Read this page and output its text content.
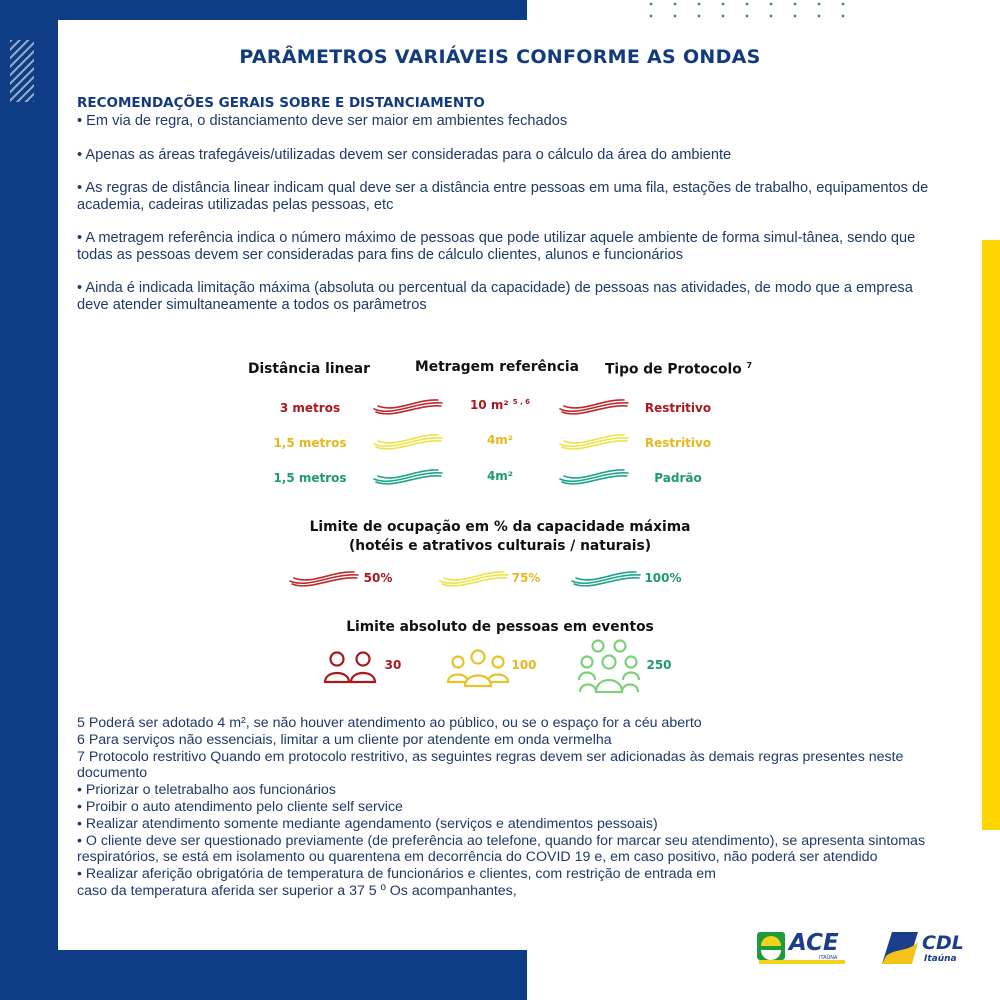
PARÂMETROS VARIÁVEIS CONFORME AS ONDAS
RECOMENDAÇÕES GERAIS SOBRE E DISTANCIAMENTO
• Em via de regra, o distanciamento deve ser maior em ambientes fechados
• Apenas as áreas trafegáveis/utilizadas devem ser consideradas para o cálculo da área do ambiente
• As regras de distância linear indicam qual deve ser a distância entre pessoas em uma fila, estações de trabalho, equipamentos de academia, cadeiras utilizadas pelas pessoas, etc
• A metragem referência indica o número máximo de pessoas que pode utilizar aquele ambiente de forma simul-tânea, sendo que todas as pessoas devem ser consideradas para fins de cálculo clientes, alunos e funcionários
• Ainda é indicada limitação máxima (absoluta ou percentual da capacidade) de pessoas nas atividades, de modo que a empresa deve atender simultaneamente a todos os parâmetros
Distância linear	Metragem referência Tipo de Protocolo $^7$
3 metros	10 m² $^{5 , 6}$	Restritivo
1,5 metros	4m²	Restritivo
1,5 metros	4m²	Padrão
Limite de ocupação em % da capacidade máxima
(hotéis e atrativos culturais / naturais)
50%	75%	100%
Limite absoluto de pessoas em eventos
30	100	250
5 Poderá ser adotado 4 m², se não houver atendimento ao público, ou se o espaço for a céu aberto
6 Para serviços não essenciais, limitar a um cliente por atendente em onda vermelha
7 Protocolo restritivo Quando em protocolo restritivo, as seguintes regras devem ser adicionadas às demais regras presentes neste documento
• Priorizar o teletrabalho aos funcionários
• Proibir o auto atendimento pelo cliente self service
• Realizar atendimento somente mediante agendamento (serviços e atendimentos pessoais)
• O cliente deve ser questionado previamente (de preferência ao telefone, quando for marcar seu atendimento), se apresenta sintomas respiratórios, se está em isolamento ou quarentena em decorrência do COVID 19 e, em caso positivo, não poderá ser atendido
• Realizar aferição obrigatória de temperatura de funcionários e clientes, com restrição de entrada em
caso da temperatura aferida ser superior a 37 5 º Os acompanhantes,
ACE
ITAÚNA
CDL
Itaúna
